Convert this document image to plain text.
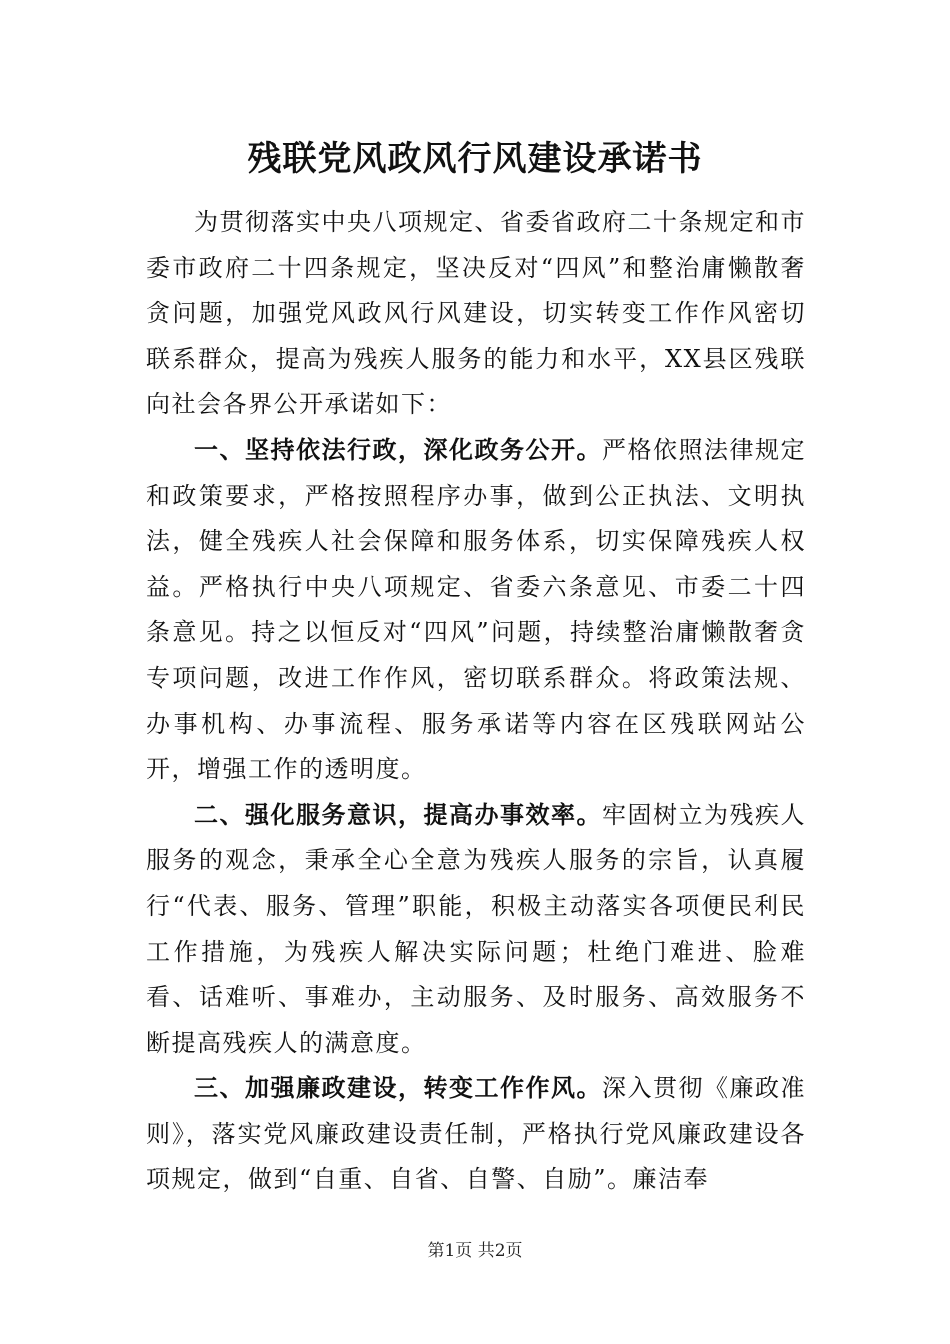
残联党风政风行风建设承诺书

为贯彻落实中央八项规定、省委省政府二十条规定和市委市政府二十四条规定，坚决反对“四风”和整治庸懒散奢贪问题，加强党风政风行风建设，切实转变工作作风密切联系群众，提高为残疾人服务的能力和水平，XX县区残联向社会各界公开承诺如下：

一、坚持依法行政，深化政务公开。严格依照法律规定和政策要求，严格按照程序办事，做到公正执法、文明执法，健全残疾人社会保障和服务体系，切实保障残疾人权益。严格执行中央八项规定、省委六条意见、市委二十四条意见。持之以恒反对“四风”问题，持续整治庸懒散奢贪专项问题，改进工作作风，密切联系群众。将政策法规、办事机构、办事流程、服务承诺等内容在区残联网站公开，增强工作的透明度。

二、强化服务意识，提高办事效率。牢固树立为残疾人服务的观念，秉承全心全意为残疾人服务的宗旨，认真履行“代表、服务、管理”职能，积极主动落实各项便民利民工作措施，为残疾人解决实际问题；杜绝门难进、脸难看、话难听、事难办，主动服务、及时服务、高效服务不断提高残疾人的满意度。

三、加强廉政建设，转变工作作风。深入贯彻《廉政准则》，落实党风廉政建设责任制，严格执行党风廉政建设各项规定，做到“自重、自省、自警、自励”。廉洁奉

第1页 共2页
